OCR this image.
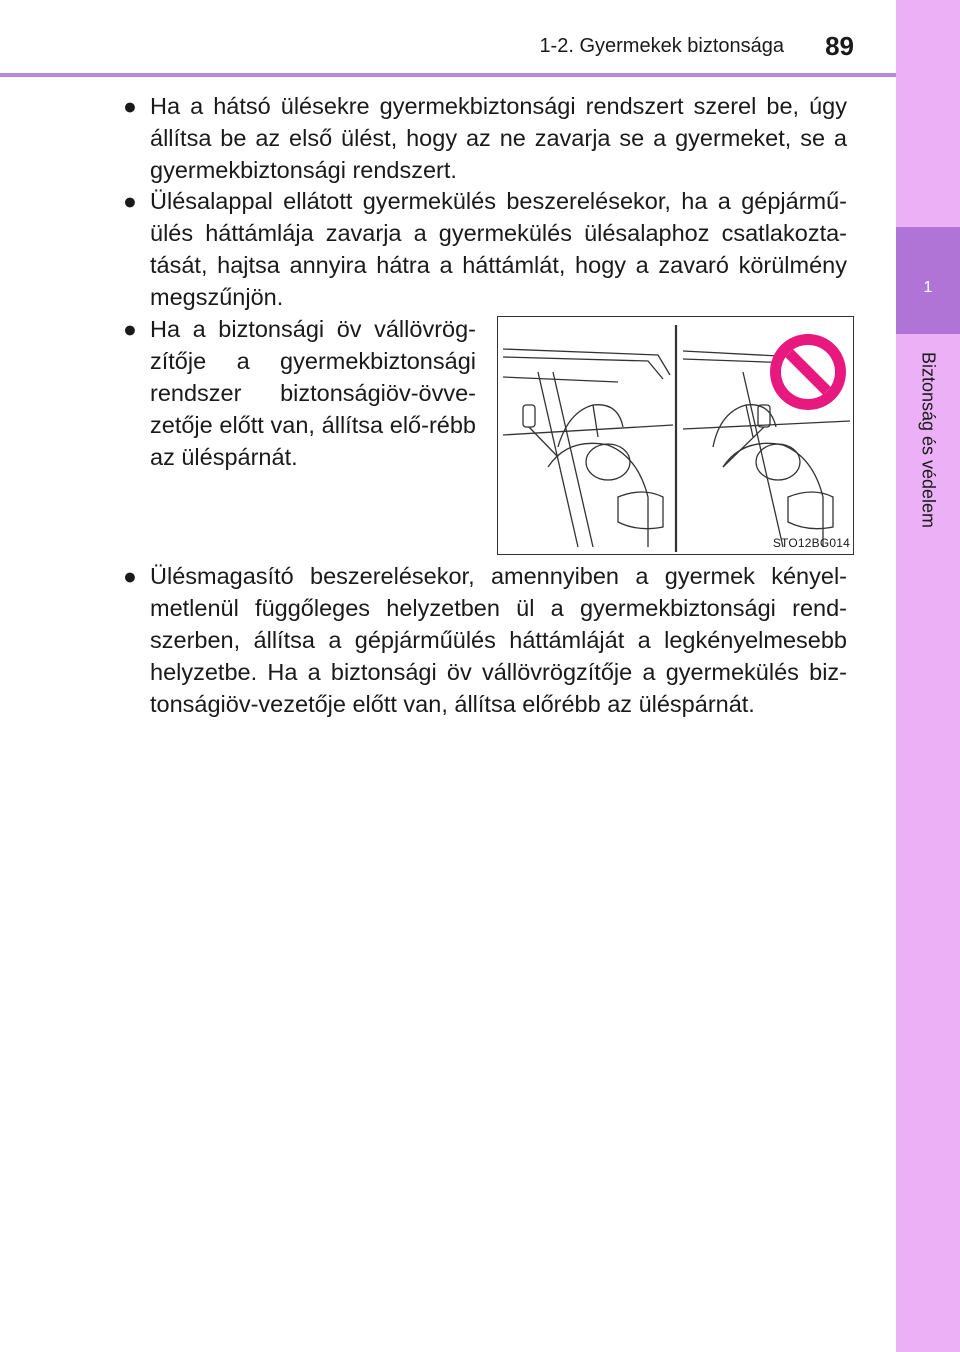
1-2. Gyermekek biztonsága 89
1
Biztonság és védelem
● Ha a hátsó ülésekre gyermekbiztonsági rendszert szerel be, úgy állítsa be az első ülést, hogy az ne zavarja se a gyermeket, se a gyermekbiztonsági rendszert.
● Ülésalappal ellátott gyermekülés beszerelésekor, ha a gépjármű-ülés háttámlája zavarja a gyermekülés ülésalaphoz csatlakozta-tását, hajtsa annyira hátra a háttámlát, hogy a zavaró körülmény megszűnjön.
● Ha a biztonsági öv vállövrög-zítője a gyermekbiztonsági rendszer biztonságiöv-övve-zetője előtt van, állítsa elő-rébb az üléspárnát.
● Ülésmagasító beszerelésekor, amennyiben a gyermek kényel-metlenül függőleges helyzetben ül a gyermekbiztonsági rend-szerben, állítsa a gépjárműülés háttámláját a legkényelmesebb helyzetbe. Ha a biztonsági öv vállövrögzítője a gyermekülés biz-tonságiöv-vezetője előtt van, állítsa előrébb az üléspárnát.
STO12BG014
